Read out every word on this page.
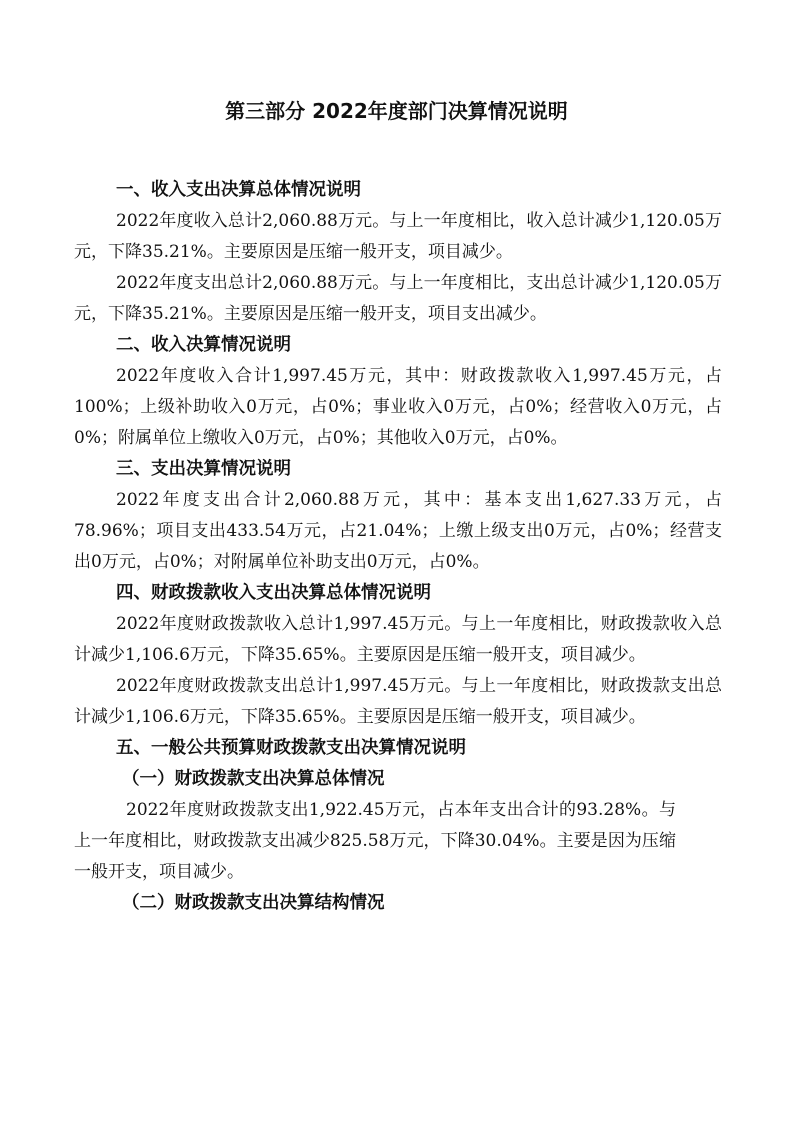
第三部分 2022年度部门决算情况说明
一、收入支出决算总体情况说明

2022年度收入总计2,060.88万元。与上一年度相比，收入总计减少1,120.05万元，下降35.21%。主要原因是压缩一般开支，项目减少。

2022年度支出总计2,060.88万元。与上一年度相比，支出总计减少1,120.05万元，下降35.21%。主要原因是压缩一般开支，项目支出减少。

二、收入决算情况说明

2022年度收入合计1,997.45万元，其中：财政拨款收入1,997.45万元，占100%；上级补助收入0万元，占0%；事业收入0万元，占0%；经营收入0万元，占0%；附属单位上缴收入0万元，占0%；其他收入0万元，占0%。

三、支出决算情况说明

2022年度支出合计2,060.88万元，其中：基本支出1,627.33万元，占78.96%；项目支出433.54万元，占21.04%；上缴上级支出0万元，占0%；经营支出0万元，占0%；对附属单位补助支出0万元，占0%。

四、财政拨款收入支出决算总体情况说明

2022年度财政拨款收入总计1,997.45万元。与上一年度相比，财政拨款收入总计减少1,106.6万元，下降35.65%。主要原因是压缩一般开支，项目减少。

2022年度财政拨款支出总计1,997.45万元。与上一年度相比，财政拨款支出总计减少1,106.6万元，下降35.65%。主要原因是压缩一般开支，项目减少。

五、一般公共预算财政拨款支出决算情况说明
（一）财政拨款支出决算总体情况

2022年度财政拨款支出1,922.45万元，占本年支出合计的93.28%。与上一年度相比，财政拨款支出减少825.58万元，下降30.04%。主要是因为压缩一般开支，项目减少。

（二）财政拨款支出决算结构情况
